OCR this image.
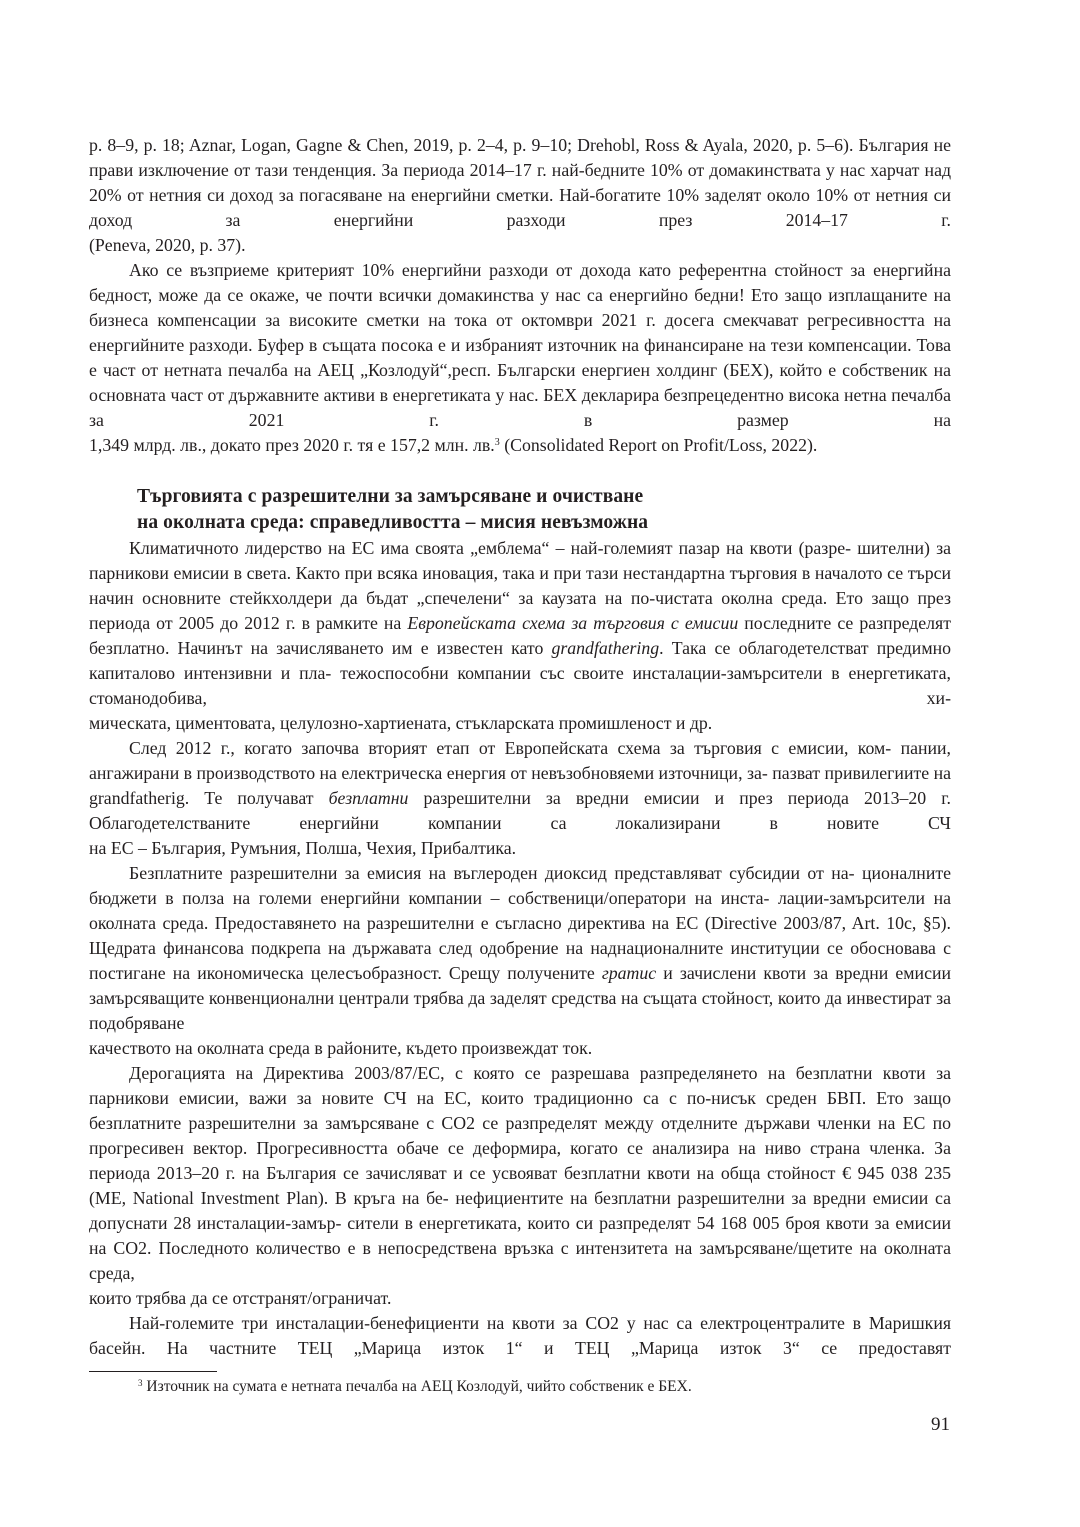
p. 8–9, p. 18; Aznar, Logan, Gagne & Chen, 2019, p. 2–4, p. 9–10; Drehobl, Ross & Ayala, 2020, p. 5–6). България не прави изключение от тази тенденция. За периода 2014–17 г. най-бедните 10% от домакинствата у нас харчат над 20% от нетния си доход за погасяване на енергийни сметки. Най-богатите 10% заделят около 10% от нетния си доход за енергийни разходи през 2014–17 г.

(Peneva, 2020, p. 37).

Ако се възприеме критерият 10% енергийни разходи от дохода като референтна стойност за енергийна бедност, може да се окаже, че почти всички домакинства у нас са енергийно бедни! Ето защо изплащаните на бизнеса компенсации за високите сметки на тока от октомври 2021 г. досега смекчават регресивността на енергийните разходи. Буфер в същата посока е и избраният източник на финансиране на тези компенсации. Това е част от нетната печалба на АЕЦ „Козлодуй“,респ. Български енергиен холдинг (БЕХ), който е собственик на основната част от държавните активи в енергетиката у нас. БЕХ декларира безпрецедентно висока нетна печалба за 2021 г. в размер на

1,349 млрд. лв., докато през 2020 г. тя е 157,2 млн. лв.$^3$ (Consolidated Report on Profit/Loss, 2022).

Търговията с разрешителни за замърсяване и очистване
на околната среда: справедливостта – мисия невъзможна

Климатичното лидерство на ЕС има своята „емблема“ – най-големият пазар на квоти (разре- шителни) за парникови емисии в света. Както при всяка иновация, така и при тази нестандартна търговия в началото се търси начин основните стейкхолдери да бъдат „спечелени“ за каузата на по-чистата околна среда. Ето защо през периода от 2005 до 2012 г. в рамките на Европейската схема за търговия с емисии последните се разпределят безплатно. Начинът на зачисляването им е известен като grandfathering. Така се облагодетелстват предимно капиталово интензивни и пла- тежоспособни компании със своите инсталации-замърсители в енергетиката, стоманодобива, хи-

мическата, циментовата, целулозно-хартиената, стъкларската промишленост и др.

След 2012 г., когато започва вторият етап от Европейската схема за търговия с емисии, ком- пании, ангажирани в производството на електрическа енергия от невъзобновяеми източници, за- пазват привилегиите на grandfatherig. Те получават безплатни разрешителни за вредни емисии и през периода 2013–20 г. Облагодетелстваните енергийни компании са локализирани в новите СЧ

на ЕС – България, Румъния, Полша, Чехия, Прибалтика.

Безплатните разрешителни за емисия на въглероден диоксид представляват субсидии от на- ционалните бюджети в полза на големи енергийни компании – собственици/оператори на инста- лации-замърсители на околната среда. Предоставянето на разрешителни е съгласно директива на ЕС (Directive 2003/87, Art. 10c, §5). Щедрата финансова подкрепа на държавата след одобрение на наднационалните институции се обосновава с постигане на икономическа целесъобразност. Срещу получените гратис и зачислени квоти за вредни емисии замърсяващите конвенционални централи трябва да заделят средства на същата стойност, които да инвестират за подобряване

качеството на околната среда в районите, където произвеждат ток.

Дерогацията на Директива 2003/87/ЕС, с която се разрешава разпределянето на безплатни квоти за парникови емисии, важи за новите СЧ на ЕС, които традиционно са с по-нисък среден БВП. Ето защо безплатните разрешителни за замърсяване с СО2 се разпределят между отделните държави членки на ЕС по прогресивен вектор. Прогресивността обаче се деформира, когато се анализира на ниво страна членка. За периода 2013–20 г. на България се зачисляват и се усвояват безплатни квоти на обща стойност € 945 038 235 (МЕ, National Investment Plan). В кръга на бе- нефициентите на безплатни разрешителни за вредни емисии са допуснати 28 инсталации-замър- сители в енергетиката, които си разпределят 54 168 005 броя квоти за емисии на СО2. Последното количество е в непосредствена връзка с интензитета на замърсяване/щетите на околната среда,

които трябва да се отстранят/ограничат.

Най-големите три инсталации-бенефициенти на квоти за СО2 у нас са електроцентралите в Маришкия басейн. На частните ТЕЦ „Марица изток 1“ и ТЕЦ „Марица изток 3“ се предоставят

$^3$ Източник на сумата е нетната печалба на АЕЦ Козлодуй, чийто собственик е БЕХ.
91
